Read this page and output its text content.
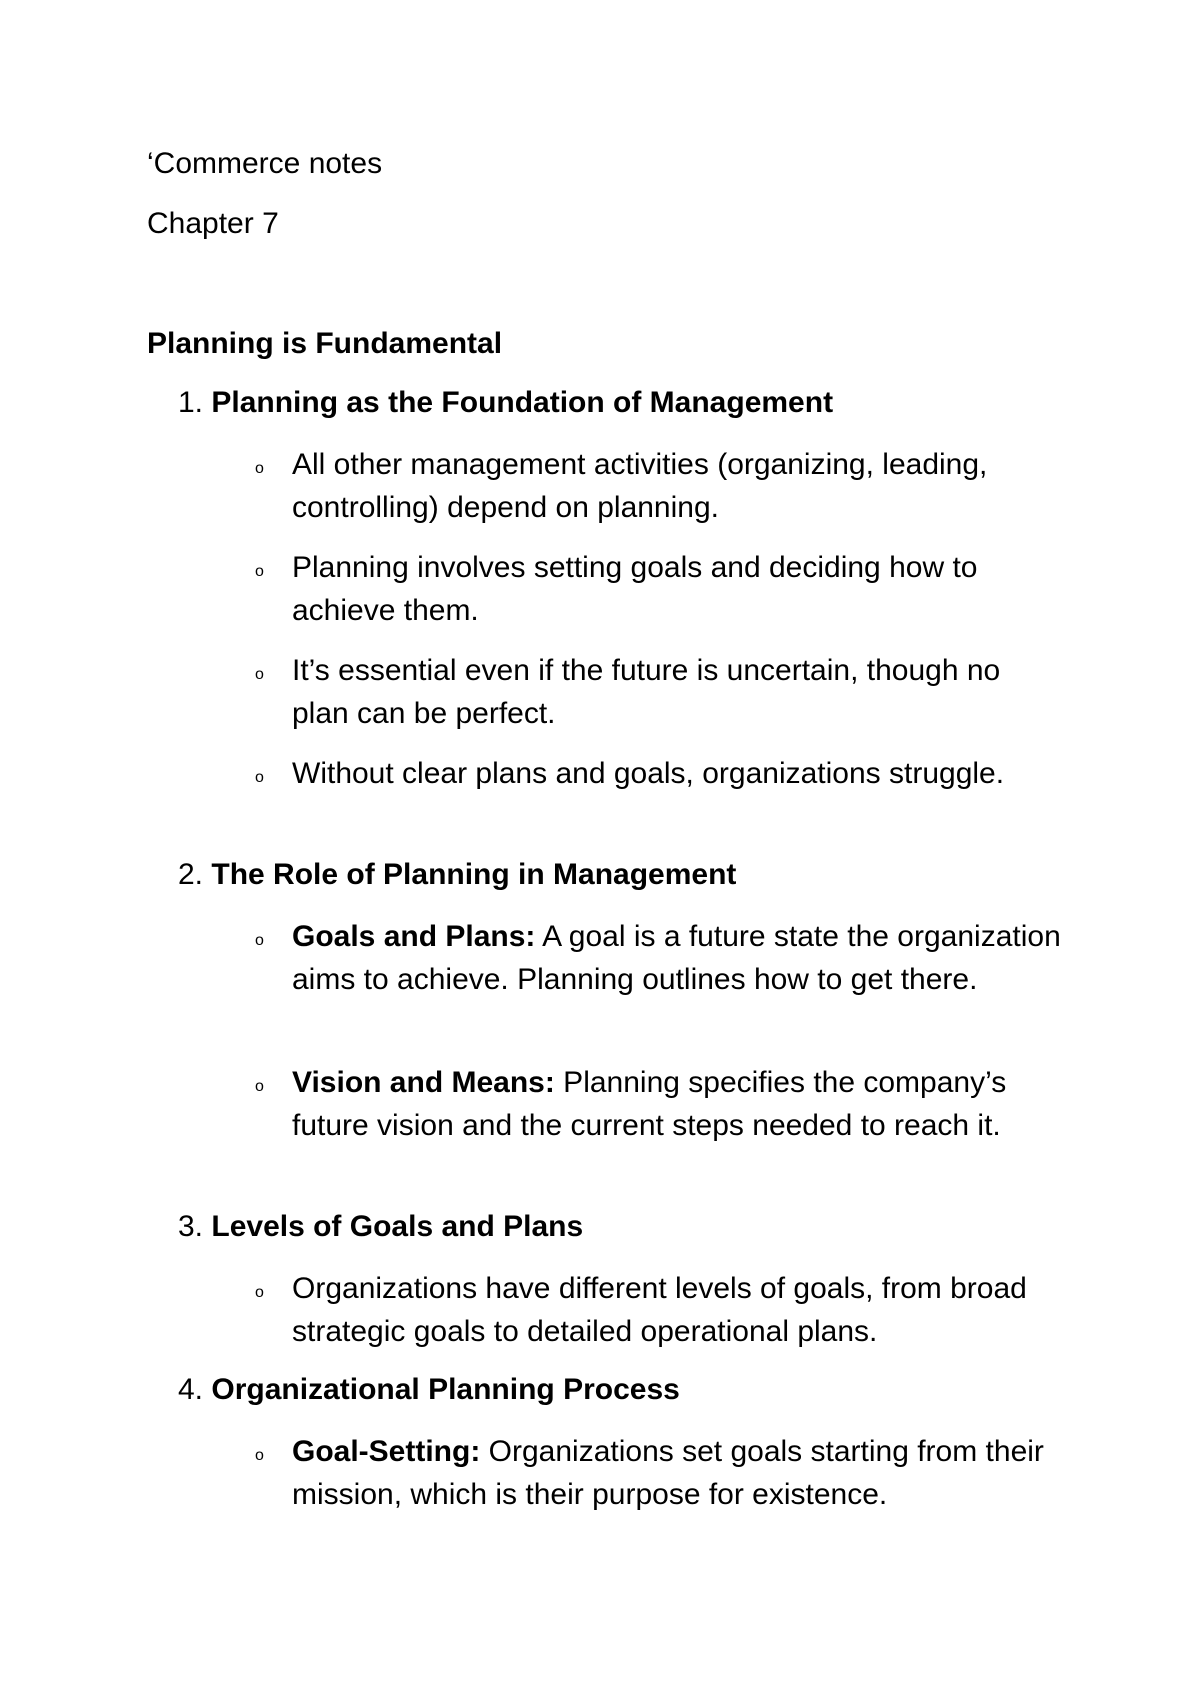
‘Commerce notes
Chapter 7
Planning is Fundamental
1. Planning as the Foundation of Management
o All other management activities (organizing, leading, controlling) depend on planning.
o Planning involves setting goals and deciding how to achieve them.
o It’s essential even if the future is uncertain, though no plan can be perfect.
o Without clear plans and goals, organizations struggle.
2. The Role of Planning in Management
o Goals and Plans: A goal is a future state the organization aims to achieve. Planning outlines how to get there.
o Vision and Means: Planning specifies the company’s future vision and the current steps needed to reach it.
3. Levels of Goals and Plans
o Organizations have different levels of goals, from broad strategic goals to detailed operational plans.
4. Organizational Planning Process
o Goal-Setting: Organizations set goals starting from their mission, which is their purpose for existence.
